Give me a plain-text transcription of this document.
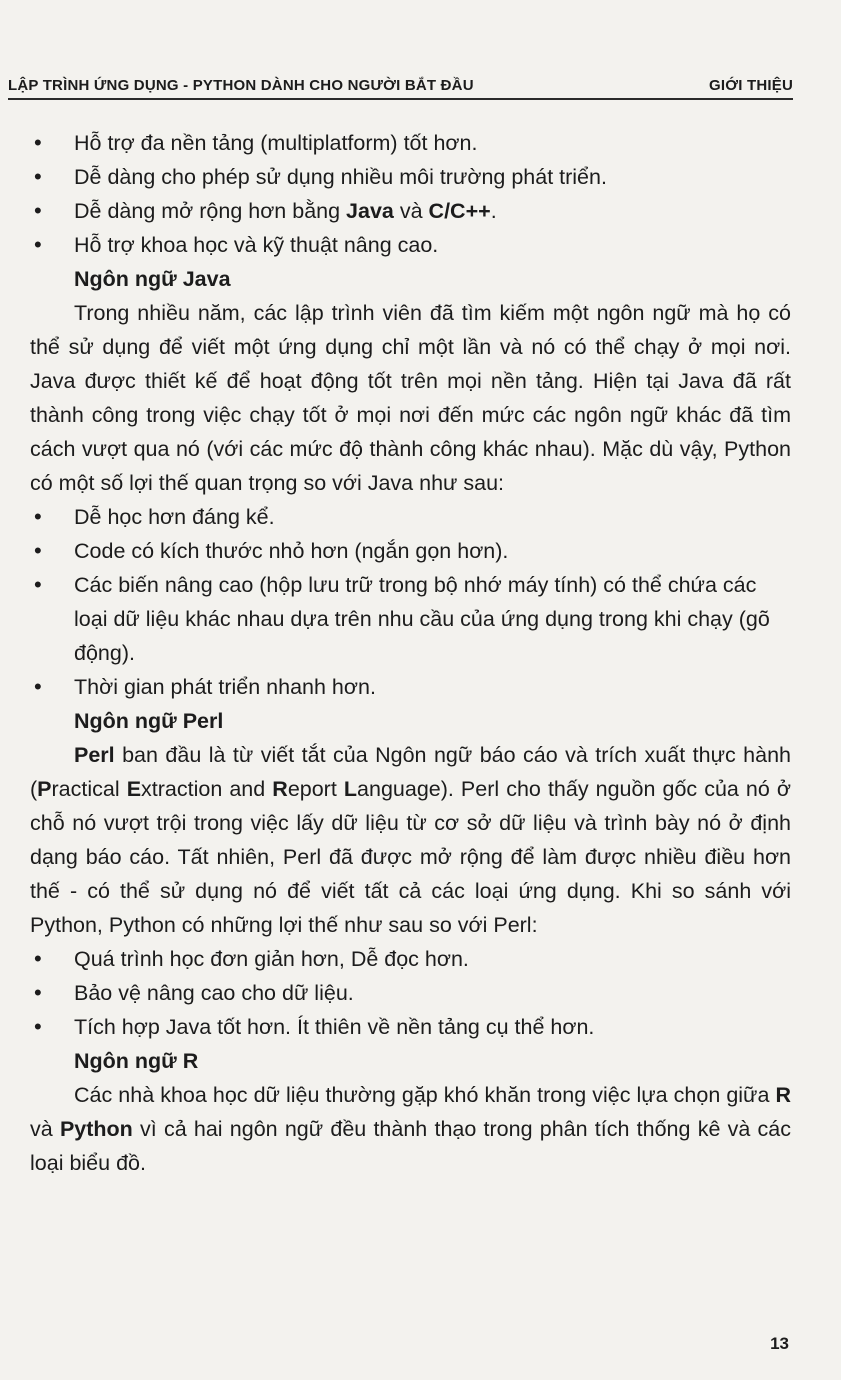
LẬP TRÌNH ỨNG DỤNG - PYTHON DÀNH CHO NGƯỜI BẮT ĐẦU	GIỚI THIỆU

• Hỗ trợ đa nền tảng (multiplatform) tốt hơn.

• Dễ dàng cho phép sử dụng nhiều môi trường phát triển.

• Dễ dàng mở rộng hơn bằng Java và C/C++.

• Hỗ trợ khoa học và kỹ thuật nâng cao.

Ngôn ngữ Java

Trong nhiều năm, các lập trình viên đã tìm kiếm một ngôn ngữ mà họ có thể sử dụng để viết một ứng dụng chỉ một lần và nó có thể chạy ở mọi nơi. Java được thiết kế để hoạt động tốt trên mọi nền tảng. Hiện tại Java đã rất thành công trong việc chạy tốt ở mọi nơi đến mức các ngôn ngữ khác đã tìm cách vượt qua nó (với các mức độ thành công khác nhau). Mặc dù vậy, Python có một số lợi thế quan trọng so với Java như sau:

• Dễ học hơn đáng kể.

• Code có kích thước nhỏ hơn (ngắn gọn hơn).

• Các biến nâng cao (hộp lưu trữ trong bộ nhớ máy tính) có thể chứa các loại dữ liệu khác nhau dựa trên nhu cầu của ứng dụng trong khi chạy (gõ động).

• Thời gian phát triển nhanh hơn.

Ngôn ngữ Perl

Perl ban đầu là từ viết tắt của Ngôn ngữ báo cáo và trích xuất thực hành (Practical Extraction and Report Language). Perl cho thấy nguồn gốc của nó ở chỗ nó vượt trội trong việc lấy dữ liệu từ cơ sở dữ liệu và trình bày nó ở định dạng báo cáo. Tất nhiên, Perl đã được mở rộng để làm được nhiều điều hơn thế - có thể sử dụng nó để viết tất cả các loại ứng dụng. Khi so sánh với Python, Python có những lợi thế như sau so với Perl:

• Quá trình học đơn giản hơn, Dễ đọc hơn.

• Bảo vệ nâng cao cho dữ liệu.

• Tích hợp Java tốt hơn. Ít thiên về nền tảng cụ thể hơn.

Ngôn ngữ R

Các nhà khoa học dữ liệu thường gặp khó khăn trong việc lựa chọn giữa R và Python vì cả hai ngôn ngữ đều thành thạo trong phân tích thống kê và các loại biểu đồ.

13
